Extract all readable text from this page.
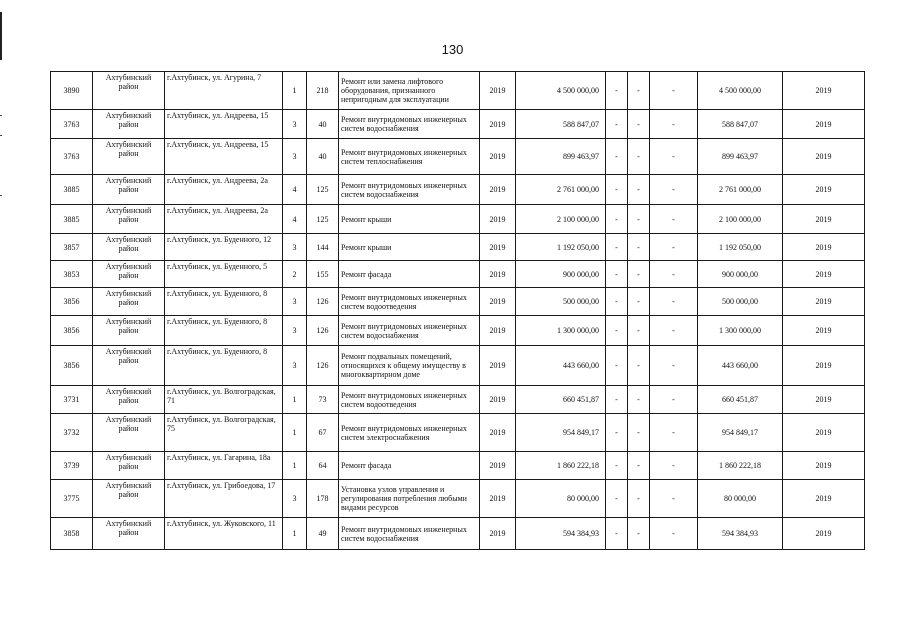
130
3890	Ахтубинский район	г.Ахтубинск, ул. Агурина, 7	1	218	Ремонт или замена лифтового оборудования, признанного непригодным для эксплуатации	2019	4 500 000,00	-	-	-	4 500 000,00	2019
3763	Ахтубинский район	г.Ахтубинск, ул. Андреева, 15	3	40	Ремонт внутридомовых инженерных систем водоснабжения	2019	588 847,07	-	-	-	588 847,07	2019
3763	Ахтубинский район	г.Ахтубинск, ул. Андреева, 15	3	40	Ремонт внутридомовых инженерных систем теплоснабжения	2019	899 463,97	-	-	-	899 463,97	2019
3885	Ахтубинский район	г.Ахтубинск, ул. Андреева, 2а	4	125	Ремонт внутридомовых инженерных систем водоснабжения	2019	2 761 000,00	-	-	-	2 761 000,00	2019
3885	Ахтубинский район	г.Ахтубинск, ул. Андреева, 2а	4	125	Ремонт крыши	2019	2 100 000,00	-	-	-	2 100 000,00	2019
3857	Ахтубинский район	г.Ахтубинск, ул. Буденного, 12	3	144	Ремонт крыши	2019	1 192 050,00	-	-	-	1 192 050,00	2019
3853	Ахтубинский район	г.Ахтубинск, ул. Буденного, 5	2	155	Ремонт фасада	2019	900 000,00	-	-	-	900 000,00	2019
3856	Ахтубинский район	г.Ахтубинск, ул. Буденного, 8	3	126	Ремонт внутридомовых инженерных систем водоотведения	2019	500 000,00	-	-	-	500 000,00	2019
3856	Ахтубинский район	г.Ахтубинск, ул. Буденного, 8	3	126	Ремонт внутридомовых инженерных систем водоснабжения	2019	1 300 000,00	-	-	-	1 300 000,00	2019
3856	Ахтубинский район	г.Ахтубинск, ул. Буденного, 8	3	126	Ремонт подвальных помещений, относящихся к общему имуществу в многоквартирном доме	2019	443 660,00	-	-	-	443 660,00	2019
3731	Ахтубинский район	г.Ахтубинск, ул. Волгоградская, 71	1	73	Ремонт внутридомовых инженерных систем водоотведения	2019	660 451,87	-	-	-	660 451,87	2019
3732	Ахтубинский район	г.Ахтубинск, ул. Волгоградская, 75	1	67	Ремонт внутридомовых инженерных систем электроснабжения	2019	954 849,17	-	-	-	954 849,17	2019
3739	Ахтубинский район	г.Ахтубинск, ул. Гагарина, 18а	1	64	Ремонт фасада	2019	1 860 222,18	-	-	-	1 860 222,18	2019
3775	Ахтубинский район	г.Ахтубинск, ул. Грибоедова, 17	3	178	Установка узлов управления и регулирования потребления любыми видами ресурсов	2019	80 000,00	-	-	-	80 000,00	2019
3858	Ахтубинский район	г.Ахтубинск, ул. Жуковского, 11	1	49	Ремонт внутридомовых инженерных систем водоснабжения	2019	594 384,93	-	-	-	594 384,93	2019
